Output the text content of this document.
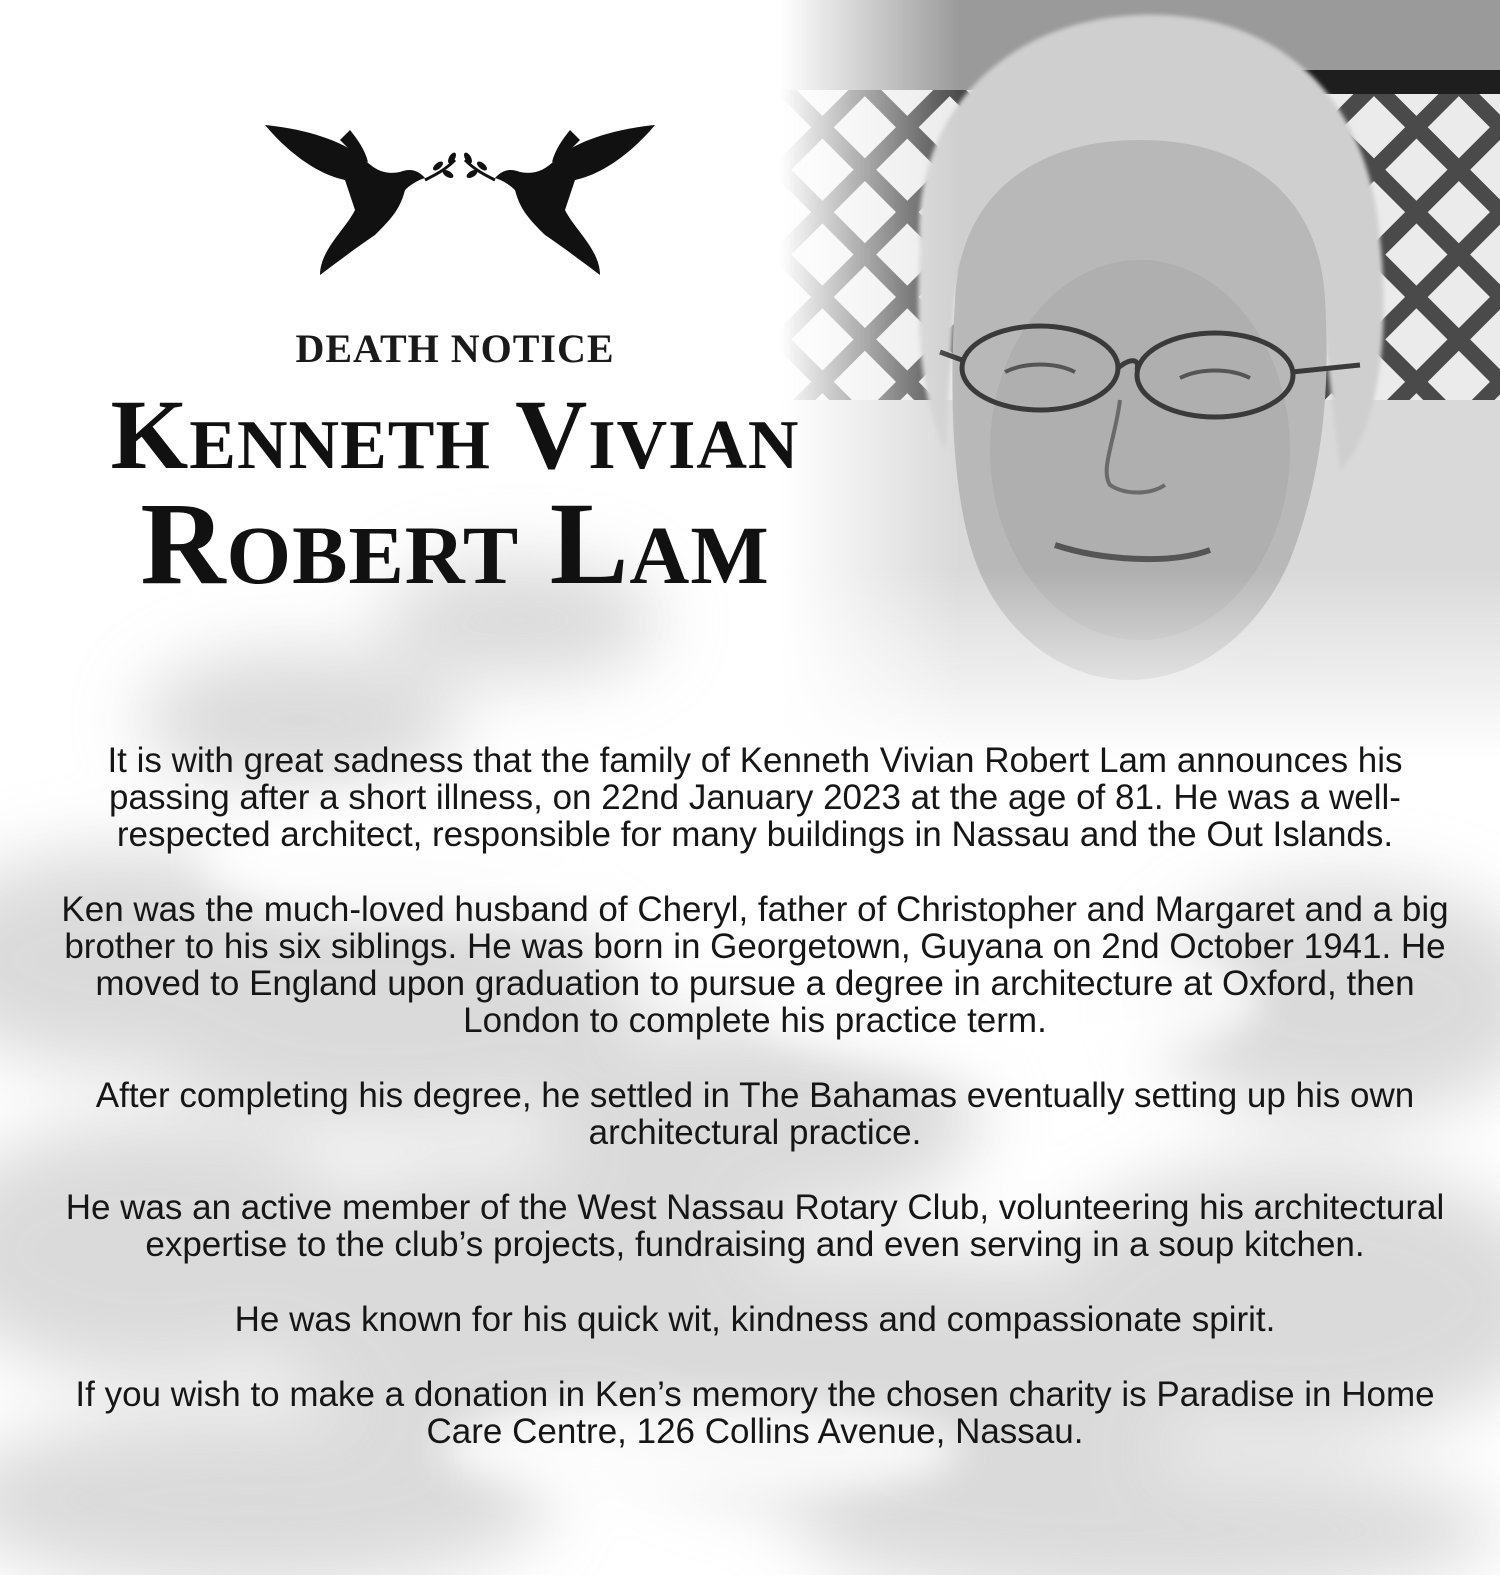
DEATH NOTICE
Kenneth Vivian
Robert Lam

It is with great sadness that the family of Kenneth Vivian Robert Lam announces his passing after a short illness, on 22nd January 2023 at the age of 81. He was a well-respected architect, responsible for many buildings in Nassau and the Out Islands.

Ken was the much-loved husband of Cheryl, father of Christopher and Margaret and a big brother to his six siblings. He was born in Georgetown, Guyana on 2nd October 1941. He moved to England upon graduation to pursue a degree in architecture at Oxford, then London to complete his practice term.

After completing his degree, he settled in The Bahamas eventually setting up his own architectural practice.

He was an active member of the West Nassau Rotary Club, volunteering his architectural expertise to the club’s projects, fundraising and even serving in a soup kitchen.

He was known for his quick wit, kindness and compassionate spirit.

If you wish to make a donation in Ken’s memory the chosen charity is Paradise in Home Care Centre, 126 Collins Avenue, Nassau.
